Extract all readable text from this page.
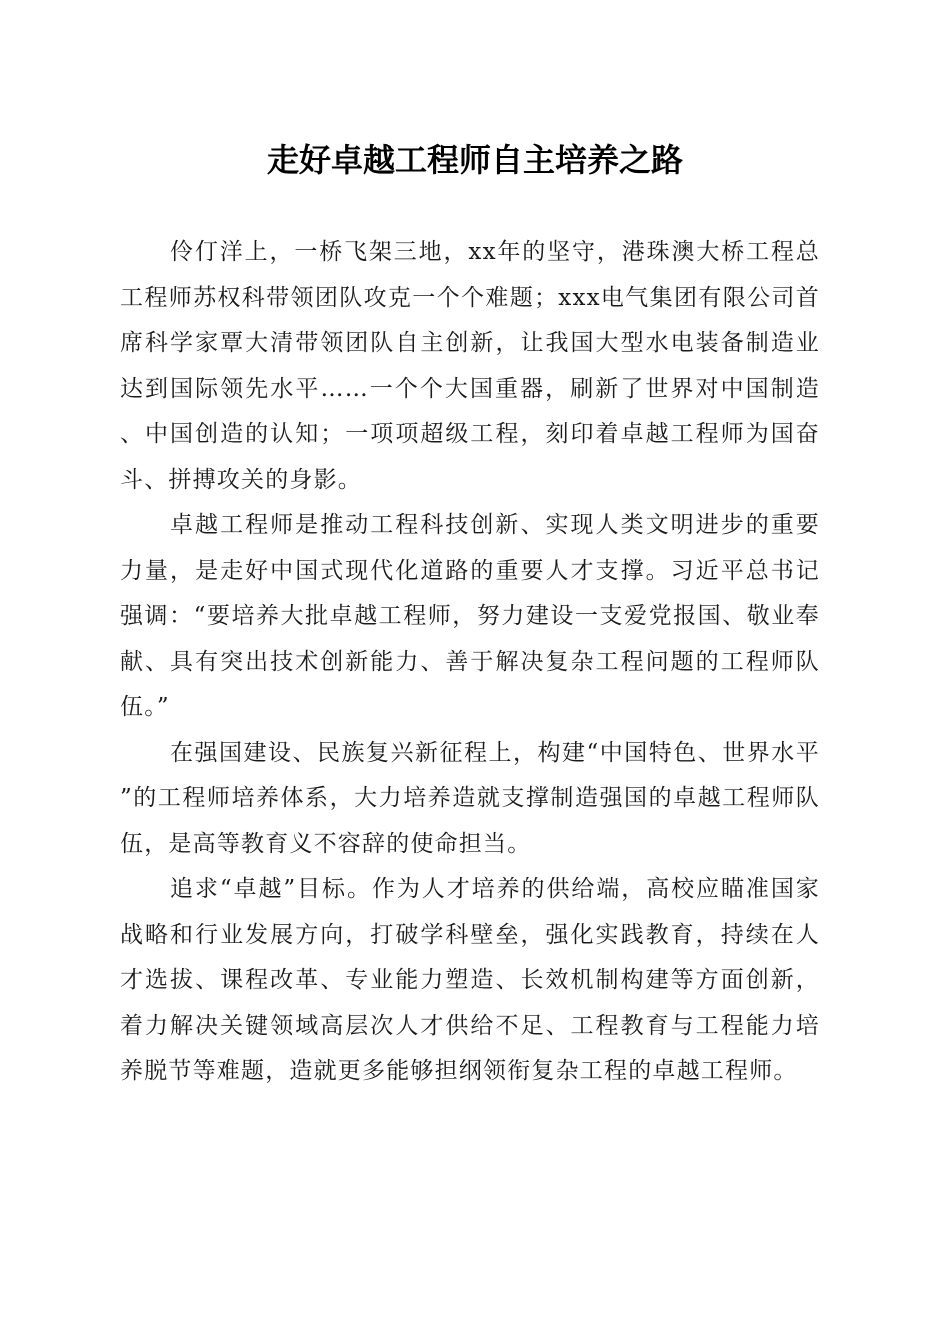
走好卓越工程师自主培养之路

伶仃洋上，一桥飞架三地，xx年的坚守，港珠澳大桥工程总工程师苏权科带领团队攻克一个个难题；xxx电气集团有限公司首席科学家覃大清带领团队自主创新，让我国大型水电装备制造业达到国际领先水平……一个个大国重器，刷新了世界对中国制造、中国创造的认知；一项项超级工程，刻印着卓越工程师为国奋斗、拼搏攻关的身影。

卓越工程师是推动工程科技创新、实现人类文明进步的重要力量，是走好中国式现代化道路的重要人才支撑。习近平总书记强调：“要培养大批卓越工程师，努力建设一支爱党报国、敬业奉献、具有突出技术创新能力、善于解决复杂工程问题的工程师队伍。”

在强国建设、民族复兴新征程上，构建“中国特色、世界水平”的工程师培养体系，大力培养造就支撑制造强国的卓越工程师队伍，是高等教育义不容辞的使命担当。

追求“卓越”目标。作为人才培养的供给端，高校应瞄准国家战略和行业发展方向，打破学科壁垒，强化实践教育，持续在人才选拔、课程改革、专业能力塑造、长效机制构建等方面创新，着力解决关键领域高层次人才供给不足、工程教育与工程能力培养脱节等难题，造就更多能够担纲领衔复杂工程的卓越工程师。
